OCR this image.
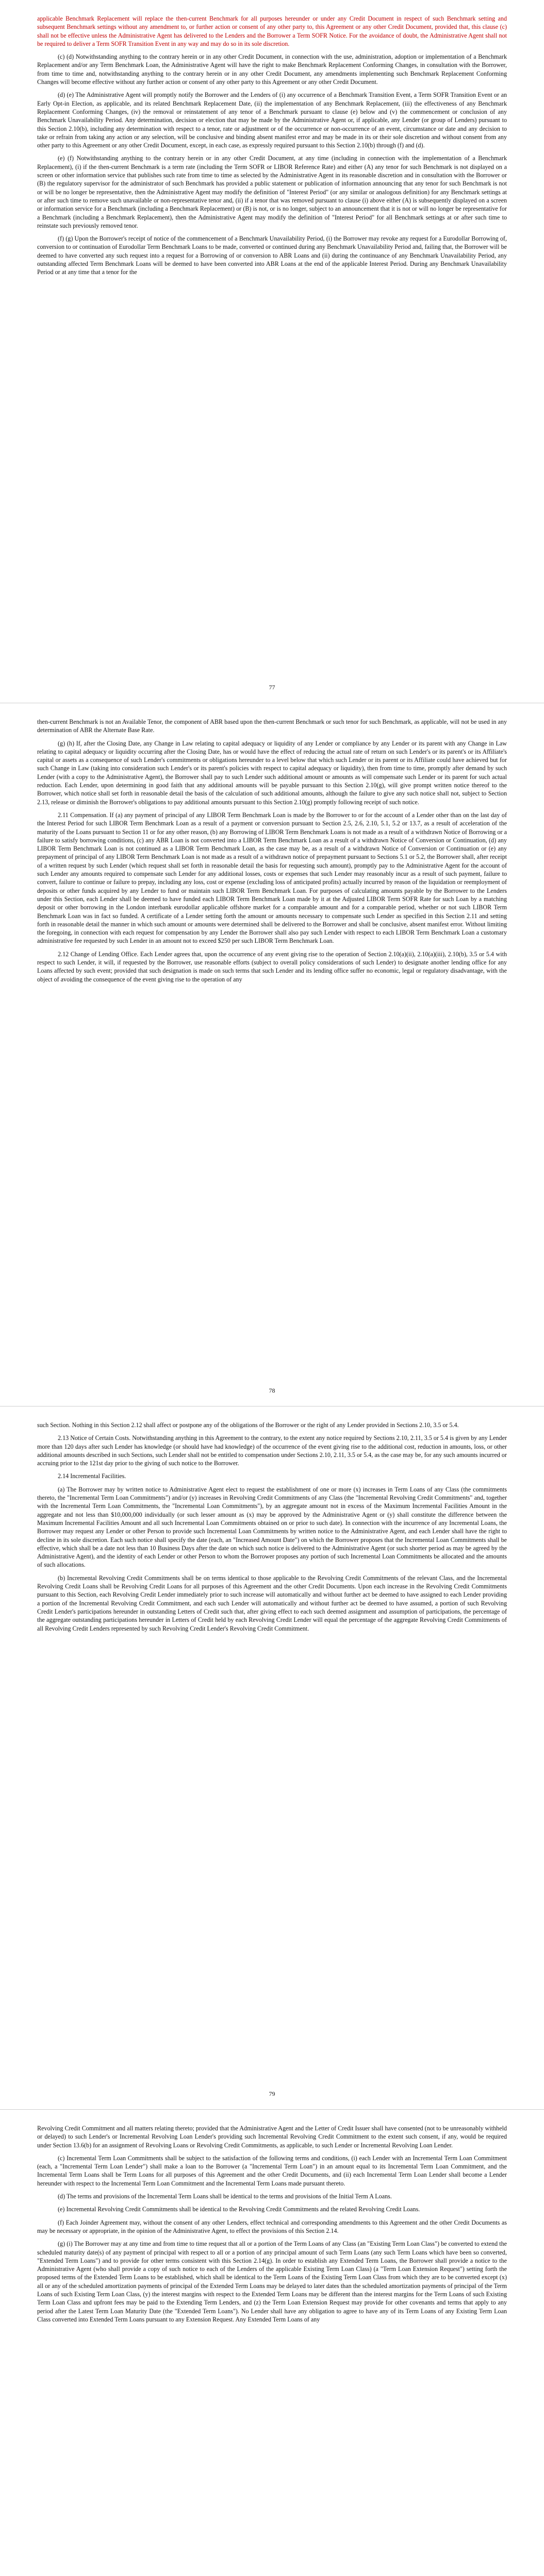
applicable Benchmark Replacement will replace the then-current Benchmark for all purposes hereunder or under any Credit Document in respect of such Benchmark setting and subsequent Benchmark settings without any amendment to, or further action or consent of any other party to, this Agreement or any other Credit Document, provided that, this clause (c) shall not be effective unless the Administrative Agent has delivered to the Lenders and the Borrower a Term SOFR Notice. For the avoidance of doubt, the Administrative Agent shall not be required to deliver a Term SOFR Transition Event in any way and may do so in its sole discretion.

(c) (d) Notwithstanding anything to the contrary herein or in any other Credit Document, in connection with the use, administration, adoption or implementation of a Benchmark Replacement and/or any Term Benchmark Loan, the Administrative Agent will have the right to make Benchmark Replacement Conforming Changes, in consultation with the Borrower, from time to time and, notwithstanding anything to the contrary herein or in any other Credit Document, any amendments implementing such Benchmark Replacement Conforming Changes will become effective without any further action or consent of any other party to this Agreement or any other Credit Document.

(d) (e) The Administrative Agent will promptly notify the Borrower and the Lenders of (i) any occurrence of a Benchmark Transition Event, a Term SOFR Transition Event or an Early Opt-in Election, as applicable, and its related Benchmark Replacement Date, (ii) the implementation of any Benchmark Replacement, (iii) the effectiveness of any Benchmark Replacement Conforming Changes, (iv) the removal or reinstatement of any tenor of a Benchmark pursuant to clause (e) below and (v) the commencement or conclusion of any Benchmark Unavailability Period. Any determination, decision or election that may be made by the Administrative Agent or, if applicable, any Lender (or group of Lenders) pursuant to this Section 2.10(b), including any determination with respect to a tenor, rate or adjustment or of the occurrence or non-occurrence of an event, circumstance or date and any decision to take or refrain from taking any action or any selection, will be conclusive and binding absent manifest error and may be made in its or their sole discretion and without consent from any other party to this Agreement or any other Credit Document, except, in each case, as expressly required pursuant to this Section 2.10(b) through (f) and (d).

(e) (f) Notwithstanding anything to the contrary herein or in any other Credit Document, at any time (including in connection with the implementation of a Benchmark Replacement), (i) if the then-current Benchmark is a term rate (including the Term SOFR or LIBOR Reference Rate) and either (A) any tenor for such Benchmark is not displayed on a screen or other information service that publishes such rate from time to time as selected by the Administrative Agent in its reasonable discretion and in consultation with the Borrower or (B) the regulatory supervisor for the administrator of such Benchmark has provided a public statement or publication of information announcing that any tenor for such Benchmark is not or will be no longer be representative, then the Administrative Agent may modify the definition of "Interest Period" (or any similar or analogous definition) for any Benchmark settings at or after such time to remove such unavailable or non-representative tenor and, (ii) if a tenor that was removed pursuant to clause (i) above either (A) is subsequently displayed on a screen or information service for a Benchmark (including a Benchmark Replacement) or (B) is not, or is no longer, subject to an announcement that it is not or will no longer be representative for a Benchmark (including a Benchmark Replacement), then the Administrative Agent may modify the definition of "Interest Period" for all Benchmark settings at or after such time to reinstate such previously removed tenor.

(f) (g) Upon the Borrower's receipt of notice of the commencement of a Benchmark Unavailability Period, (i) the Borrower may revoke any request for a Eurodollar Borrowing of, conversion to or continuation of Eurodollar Term Benchmark Loans to be made, converted or continued during any Benchmark Unavailability Period and, failing that, the Borrower will be deemed to have converted any such request into a request for a Borrowing of or conversion to ABR Loans and (ii) during the continuance of any Benchmark Unavailability Period, any outstanding affected Term Benchmark Loans will be deemed to have been converted into ABR Loans at the end of the applicable Interest Period. During any Benchmark Unavailability Period or at any time that a tenor for the

77

then-current Benchmark is not an Available Tenor, the component of ABR based upon the then-current Benchmark or such tenor for such Benchmark, as applicable, will not be used in any determination of ABR the Alternate Base Rate.

(g) (h) If, after the Closing Date, any Change in Law relating to capital adequacy or liquidity of any Lender or compliance by any Lender or its parent with any Change in Law relating to capital adequacy or liquidity occurring after the Closing Date, has or would have the effect of reducing the actual rate of return on such Lender's or its parent's or its Affiliate's capital or assets as a consequence of such Lender's commitments or obligations hereunder to a level below that which such Lender or its parent or its Affiliate could have achieved but for such Change in Law (taking into consideration such Lender's or its parent's policies with respect to capital adequacy or liquidity), then from time to time, promptly after demand by such Lender (with a copy to the Administrative Agent), the Borrower shall pay to such Lender such additional amount or amounts as will compensate such Lender or its parent for such actual reduction. Each Lender, upon determining in good faith that any additional amounts will be payable pursuant to this Section 2.10(g), will give prompt written notice thereof to the Borrower, which notice shall set forth in reasonable detail the basis of the calculation of such additional amounts, although the failure to give any such notice shall not, subject to Section 2.13, release or diminish the Borrower's obligations to pay additional amounts pursuant to this Section 2.10(g) promptly following receipt of such notice.

2.11 Compensation. If (a) any payment of principal of any LIBOR Term Benchmark Loan is made by the Borrower to or for the account of a Lender other than on the last day of the Interest Period for such LIBOR Term Benchmark Loan as a result of a payment or conversion pursuant to Section 2.5, 2.6, 2.10, 5.1, 5.2 or 13.7, as a result of acceleration of the maturity of the Loans pursuant to Section 11 or for any other reason, (b) any Borrowing of LIBOR Term Benchmark Loans is not made as a result of a withdrawn Notice of Borrowing or a failure to satisfy borrowing conditions, (c) any ABR Loan is not converted into a LIBOR Term Benchmark Loan as a result of a withdrawn Notice of Conversion or Continuation, (d) any LIBOR Term Benchmark Loan is not continued as a LIBOR Term Benchmark Loan, as the case may be, as a result of a withdrawn Notice of Conversion or Continuation or (e) any prepayment of principal of any LIBOR Term Benchmark Loan is not made as a result of a withdrawn notice of prepayment pursuant to Sections 5.1 or 5.2, the Borrower shall, after receipt of a written request by such Lender (which request shall set forth in reasonable detail the basis for requesting such amount), promptly pay to the Administrative Agent for the account of such Lender any amounts required to compensate such Lender for any additional losses, costs or expenses that such Lender may reasonably incur as a result of such payment, failure to convert, failure to continue or failure to prepay, including any loss, cost or expense (excluding loss of anticipated profits) actually incurred by reason of the liquidation or reemployment of deposits or other funds acquired by any Lender to fund or maintain such LIBOR Term Benchmark Loan. For purposes of calculating amounts payable by the Borrower to the Lenders under this Section, each Lender shall be deemed to have funded each LIBOR Term Benchmark Loan made by it at the Adjusted LIBOR Term SOFR Rate for such Loan by a matching deposit or other borrowing in the London interbank eurodollar applicable offshore market for a comparable amount and for a comparable period, whether or not such LIBOR Term Benchmark Loan was in fact so funded. A certificate of a Lender setting forth the amount or amounts necessary to compensate such Lender as specified in this Section 2.11 and setting forth in reasonable detail the manner in which such amount or amounts were determined shall be delivered to the Borrower and shall be conclusive, absent manifest error. Without limiting the foregoing, in connection with each request for compensation by any Lender the Borrower shall also pay such Lender with respect to each LIBOR Term Benchmark Loan a customary administrative fee requested by such Lender in an amount not to exceed $250 per such LIBOR Term Benchmark Loan.

2.12 Change of Lending Office. Each Lender agrees that, upon the occurrence of any event giving rise to the operation of Section 2.10(a)(ii), 2.10(a)(iii), 2.10(b), 3.5 or 5.4 with respect to such Lender, it will, if requested by the Borrower, use reasonable efforts (subject to overall policy considerations of such Lender) to designate another lending office for any Loans affected by such event; provided that such designation is made on such terms that such Lender and its lending office suffer no economic, legal or regulatory disadvantage, with the object of avoiding the consequence of the event giving rise to the operation of any

78

such Section. Nothing in this Section 2.12 shall affect or postpone any of the obligations of the Borrower or the right of any Lender provided in Sections 2.10, 3.5 or 5.4.

2.13 Notice of Certain Costs. Notwithstanding anything in this Agreement to the contrary, to the extent any notice required by Sections 2.10, 2.11, 3.5 or 5.4 is given by any Lender more than 120 days after such Lender has knowledge (or should have had knowledge) of the occurrence of the event giving rise to the additional cost, reduction in amounts, loss, or other additional amounts described in such Sections, such Lender shall not be entitled to compensation under Sections 2.10, 2.11, 3.5 or 5.4, as the case may be, for any such amounts incurred or accruing prior to the 121st day prior to the giving of such notice to the Borrower.

2.14 Incremental Facilities.

(a) The Borrower may by written notice to Administrative Agent elect to request the establishment of one or more (x) increases in Term Loans of any Class (the commitments thereto, the "Incremental Term Loan Commitments") and/or (y) increases in Revolving Credit Commitments of any Class (the "Incremental Revolving Credit Commitments" and, together with the Incremental Term Loan Commitments, the "Incremental Loan Commitments"), by an aggregate amount not in excess of the Maximum Incremental Facilities Amount in the aggregate and not less than $10,000,000 individually (or such lesser amount as (x) may be approved by the Administrative Agent or (y) shall constitute the difference between the Maximum Incremental Facilities Amount and all such Incremental Loan Commitments obtained on or prior to such date). In connection with the incurrence of any Incremental Loans, the Borrower may request any Lender or other Person to provide such Incremental Loan Commitments by written notice to the Administrative Agent, and each Lender shall have the right to decline in its sole discretion. Each such notice shall specify the date (each, an "Increased Amount Date") on which the Borrower proposes that the Incremental Loan Commitments shall be effective, which shall be a date not less than 10 Business Days after the date on which such notice is delivered to the Administrative Agent (or such shorter period as may be agreed by the Administrative Agent), and the identity of each Lender or other Person to whom the Borrower proposes any portion of such Incremental Loan Commitments be allocated and the amounts of such allocations.

(b) Incremental Revolving Credit Commitments shall be on terms identical to those applicable to the Revolving Credit Commitments of the relevant Class, and the Incremental Revolving Credit Loans shall be Revolving Credit Loans for all purposes of this Agreement and the other Credit Documents. Upon each increase in the Revolving Credit Commitments pursuant to this Section, each Revolving Credit Lender immediately prior to such increase will automatically and without further act be deemed to have assigned to each Lender providing a portion of the Incremental Revolving Credit Commitment, and each such Lender will automatically and without further act be deemed to have assumed, a portion of such Revolving Credit Lender's participations hereunder in outstanding Letters of Credit such that, after giving effect to each such deemed assignment and assumption of participations, the percentage of the aggregate outstanding participations hereunder in Letters of Credit held by each Revolving Credit Lender will equal the percentage of the aggregate Revolving Credit Commitments of all Revolving Credit Lenders represented by such Revolving Credit Lender's Revolving Credit Commitment.

79

Revolving Credit Commitment and all matters relating thereto; provided that the Administrative Agent and the Letter of Credit Issuer shall have consented (not to be unreasonably withheld or delayed) to such Lender's or Incremental Revolving Loan Lender's providing such Incremental Revolving Credit Commitment to the extent such consent, if any, would be required under Section 13.6(b) for an assignment of Revolving Loans or Revolving Credit Commitments, as applicable, to such Lender or Incremental Revolving Loan Lender.

(c) Incremental Term Loan Commitments shall be subject to the satisfaction of the following terms and conditions, (i) each Lender with an Incremental Term Loan Commitment (each, a "Incremental Term Loan Lender") shall make a loan to the Borrower (a "Incremental Term Loan") in an amount equal to its Incremental Term Loan Commitment, and the Incremental Term Loans shall be Term Loans for all purposes of this Agreement and the other Credit Documents, and (ii) each Incremental Term Loan Lender shall become a Lender hereunder with respect to the Incremental Term Loan Commitment and the Incremental Term Loans made pursuant thereto.

(d) The terms and provisions of the Incremental Term Loans shall be identical to the terms and provisions of the Initial Term A Loans.

(e) Incremental Revolving Credit Commitments shall be identical to the Revolving Credit Commitments and the related Revolving Credit Loans.

(f) Each Joinder Agreement may, without the consent of any other Lenders, effect technical and corresponding amendments to this Agreement and the other Credit Documents as may be necessary or appropriate, in the opinion of the Administrative Agent, to effect the provisions of this Section 2.14.

(g) (i) The Borrower may at any time and from time to time request that all or a portion of the Term Loans of any Class (an "Existing Term Loan Class") be converted to extend the scheduled maturity date(s) of any payment of principal with respect to all or a portion of any principal amount of such Term Loans (any such Term Loans which have been so converted, "Extended Term Loans") and to provide for other terms consistent with this Section 2.14(g). In order to establish any Extended Term Loans, the Borrower shall provide a notice to the Administrative Agent (who shall provide a copy of such notice to each of the Lenders of the applicable Existing Term Loan Class) (a "Term Loan Extension Request") setting forth the proposed terms of the Extended Term Loans to be established, which shall be identical to the Term Loans of the Existing Term Loan Class from which they are to be converted except (x) all or any of the scheduled amortization payments of principal of the Extended Term Loans may be delayed to later dates than the scheduled amortization payments of principal of the Term Loans of such Existing Term Loan Class, (y) the interest margins with respect to the Extended Term Loans may be different than the interest margins for the Term Loans of such Existing Term Loan Class and upfront fees may be paid to the Extending Term Lenders, and (z) the Term Loan Extension Request may provide for other covenants and terms that apply to any period after the Latest Term Loan Maturity Date (the "Extended Term Loans"). No Lender shall have any obligation to agree to have any of its Term Loans of any Existing Term Loan Class converted into Extended Term Loans pursuant to any Extension Request. Any Extended Term Loans of any
